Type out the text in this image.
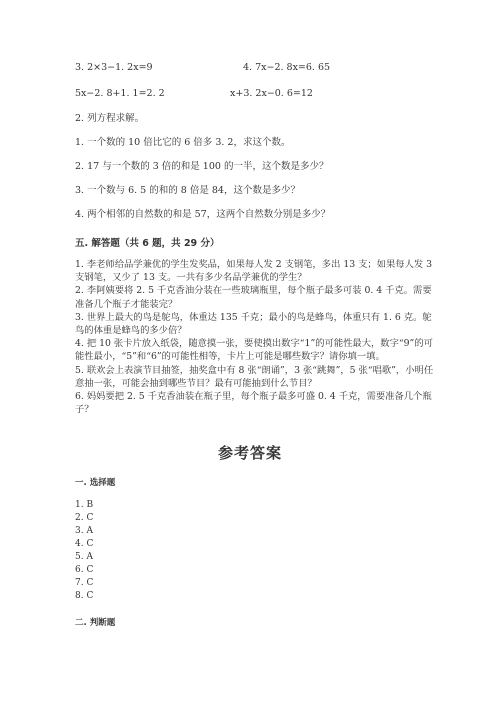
3. 2×3−1. 2x=9	4. 7x−2. 8x=6. 65
5x−2. 8+1. 1=2. 2	x+3. 2x−0. 6=12
2. 列方程求解。
1. 一个数的 10 倍比它的 6 倍多 3. 2，求这个数。
2. 17 与一个数的 3 倍的和是 100 的一半，这个数是多少？
3. 一个数与 6. 5 的和的 8 倍是 84，这个数是多少？
4. 两个相邻的自然数的和是 57，这两个自然数分别是多少？
五. 解答题（共 6 题，共 29 分）

1. 李老师给品学兼优的学生发奖品，如果每人发 2 支钢笔，多出 13 支；如果每人发 3 支钢笔，又少了 13 支。一共有多少名品学兼优的学生？

2. 李阿姨要将 2. 5 千克香油分装在一些玻璃瓶里，每个瓶子最多可装 0. 4 千克。需要准备几个瓶子才能装完？

3. 世界上最大的鸟是鸵鸟，体重达 135 千克；最小的鸟是蜂鸟，体重只有 1. 6 克。鸵鸟的体重是蜂鸟的多少倍？

4. 把 10 张卡片放入纸袋，随意摸一张，要使摸出数字“1”的可能性最大，数字“9”的可能性最小，“5”和“6”的可能性相等，卡片上可能是哪些数字？请你填一填。

5. 联欢会上表演节目抽签，抽奖盒中有 8 张“朗诵”，3 张“跳舞”，5 张“唱歌”，小明任意抽一张，可能会抽到哪些节目？最有可能抽到什么节目？

6. 妈妈要把 2. 5 千克香油装在瓶子里，每个瓶子最多可盛 0. 4 千克，需要准备几个瓶子？

参考答案
一. 选择题
1. B
2. C
3. A
4. C
5. A
6. C
7. C
8. C
二. 判断题
